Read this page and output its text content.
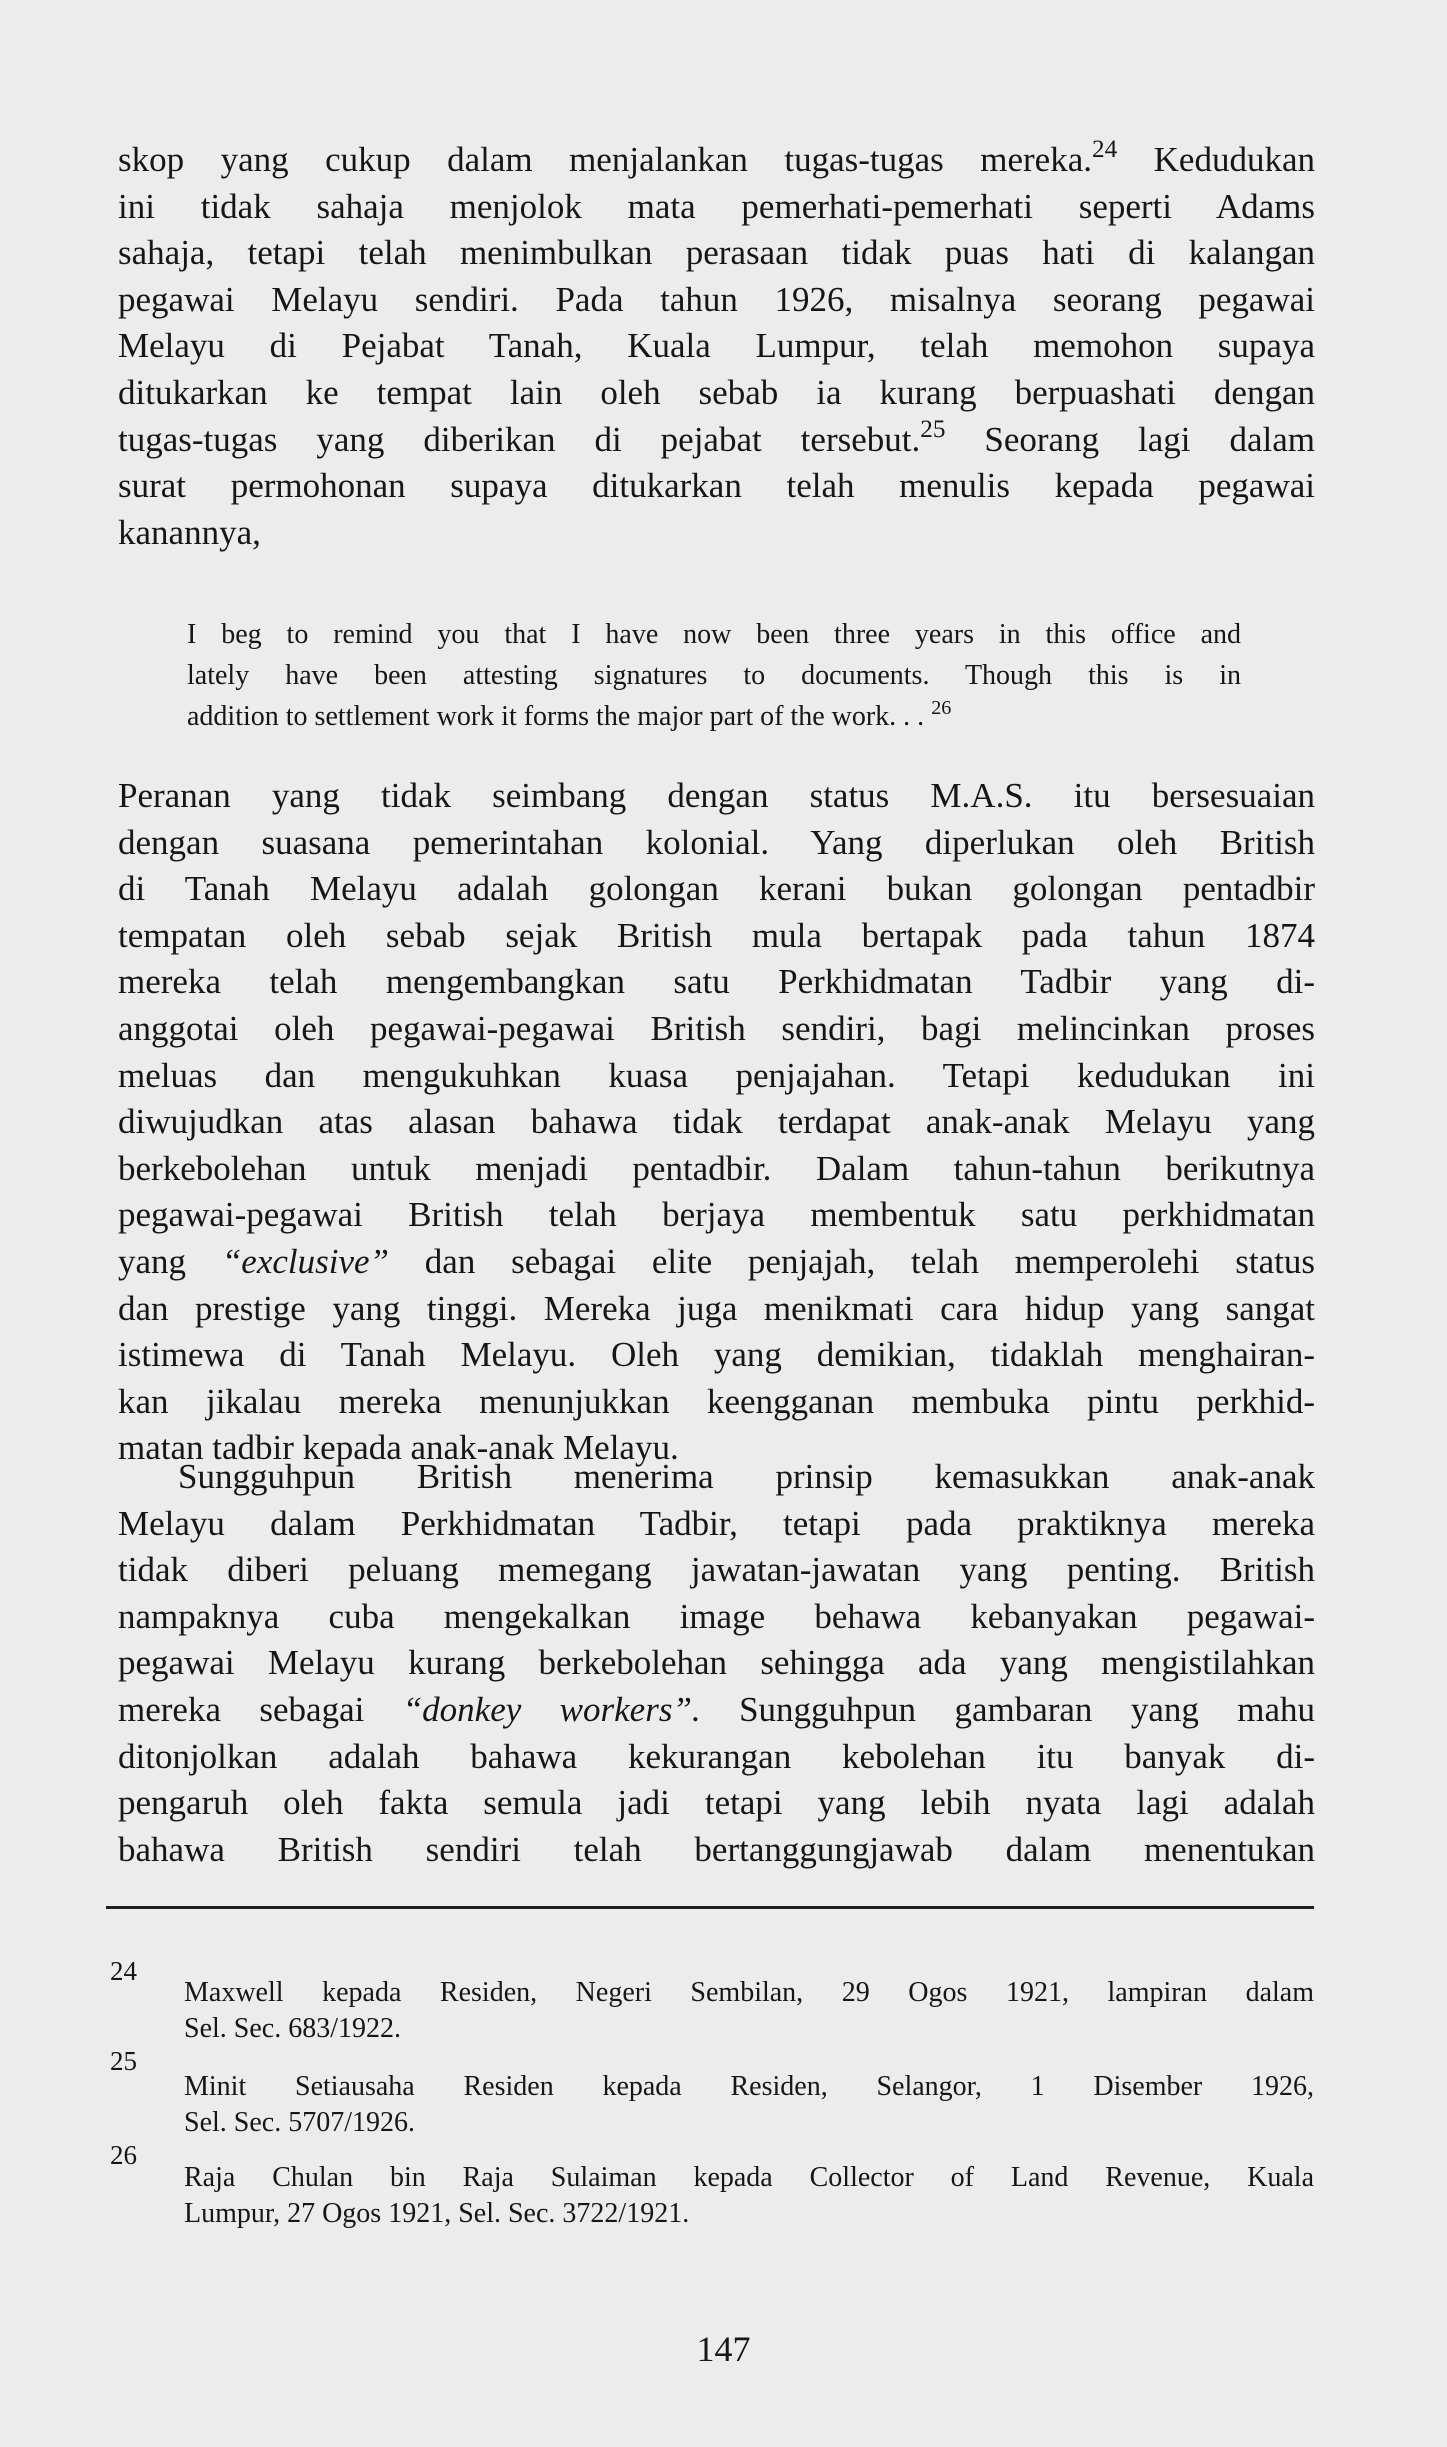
skop yang cukup dalam menjalankan tugas-tugas mereka.$^{24}$ Kedudukan
ini tidak sahaja menjolok mata pemerhati-pemerhati seperti Adams
sahaja, tetapi telah menimbulkan perasaan tidak puas hati di kalangan
pegawai Melayu sendiri. Pada tahun 1926, misalnya seorang pegawai
Melayu di Pejabat Tanah, Kuala Lumpur, telah memohon supaya
ditukarkan ke tempat lain oleh sebab ia kurang berpuashati dengan
tugas-tugas yang diberikan di pejabat tersebut.$^{25}$ Seorang lagi dalam
surat permohonan supaya ditukarkan telah menulis kepada pegawai
kanannya,
I beg to remind you that I have now been three years in this office and
lately have been attesting signatures to documents. Though this is in
addition to settlement work it forms the major part of the work. . . $^{26}$
Peranan yang tidak seimbang dengan status M.A.S. itu bersesuaian
dengan suasana pemerintahan kolonial. Yang diperlukan oleh British
di Tanah Melayu adalah golongan kerani bukan golongan pentadbir
tempatan oleh sebab sejak British mula bertapak pada tahun 1874
mereka telah mengembangkan satu Perkhidmatan Tadbir yang di-
anggotai oleh pegawai-pegawai British sendiri, bagi melincinkan proses
meluas dan mengukuhkan kuasa penjajahan. Tetapi kedudukan ini
diwujudkan atas alasan bahawa tidak terdapat anak-anak Melayu yang
berkebolehan untuk menjadi pentadbir. Dalam tahun-tahun berikutnya
pegawai-pegawai British telah berjaya membentuk satu perkhidmatan
yang “exclusive” dan sebagai elite penjajah, telah memperolehi status
dan prestige yang tinggi. Mereka juga menikmati cara hidup yang sangat
istimewa di Tanah Melayu. Oleh yang demikian, tidaklah menghairan-
kan jikalau mereka menunjukkan keengganan membuka pintu perkhid-
matan tadbir kepada anak-anak Melayu.
Sungguhpun British menerima prinsip kemasukkan anak-anak
Melayu dalam Perkhidmatan Tadbir, tetapi pada praktiknya mereka
tidak diberi peluang memegang jawatan-jawatan yang penting. British
nampaknya cuba mengekalkan image behawa kebanyakan pegawai-
pegawai Melayu kurang berkebolehan sehingga ada yang mengistilahkan
mereka sebagai “donkey workers”. Sungguhpun gambaran yang mahu
ditonjolkan adalah bahawa kekurangan kebolehan itu banyak di-
pengaruh oleh fakta semula jadi tetapi yang lebih nyata lagi adalah
bahawa British sendiri telah bertanggungjawab dalam menentukan
24
Maxwell kepada Residen, Negeri Sembilan, 29 Ogos 1921, lampiran dalam
Sel. Sec. 683/1922.
25
Minit Setiausaha Residen kepada Residen, Selangor, 1 Disember 1926,
Sel. Sec. 5707/1926.
26
Raja Chulan bin Raja Sulaiman kepada Collector of Land Revenue, Kuala
Lumpur, 27 Ogos 1921, Sel. Sec. 3722/1921.
147
